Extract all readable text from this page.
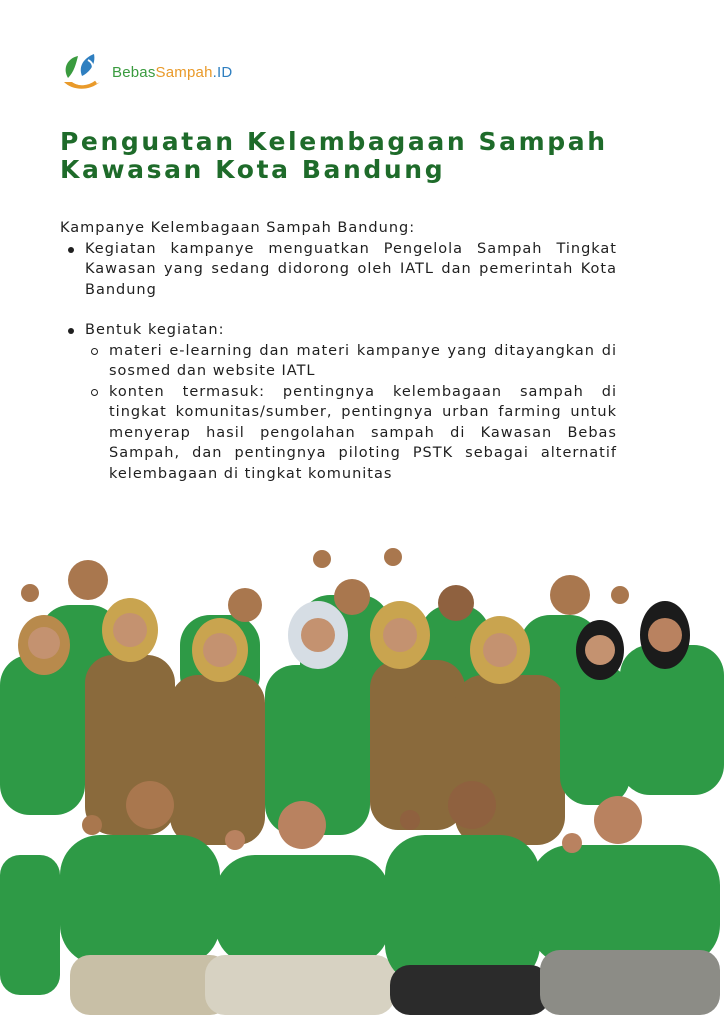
BebasSampah.ID
Penguatan Kelembagaan Sampah
Kawasan Kota Bandung

Kampanye Kelembagaan Sampah Bandung:

Kegiatan kampanye menguatkan Pengelola Sampah Tingkat Kawasan yang sedang didorong oleh IATL dan pemerintah Kota Bandung
Bentuk kegiatan:
materi e-learning dan materi kampanye yang ditayangkan di sosmed dan website IATL
konten termasuk: pentingnya kelembagaan sampah di tingkat komunitas/sumber, pentingnya urban farming untuk menyerap hasil pengolahan sampah di Kawasan Bebas Sampah, dan pentingnya piloting PSTK sebagai alternatif kelembagaan di tingkat komunitas
